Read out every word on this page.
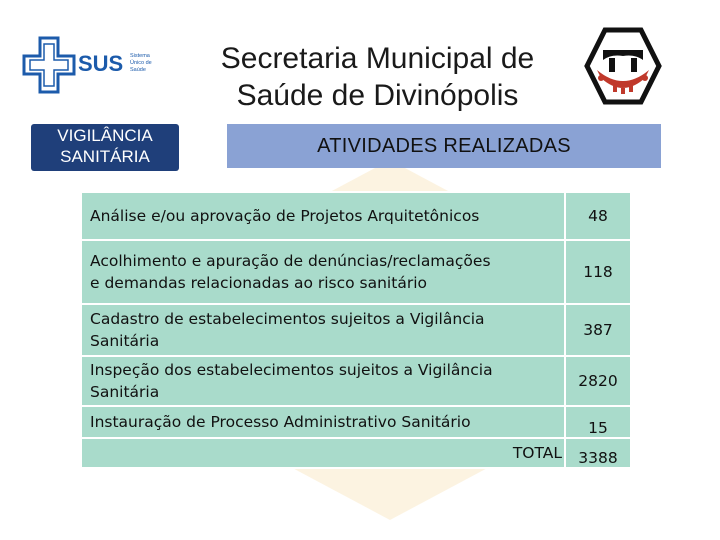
SUS Sistema
Único de
Saúde	Secretaria Municipal de
Saúde de Divinópolis
VIGILÂNCIA
SANITÁRIA	ATIVIDADES REALIZADAS
Análise e/ou aprovação de Projetos Arquitetônicos	48

Acolhimento e apuração de denúncias/reclamações
e demandas relacionadas ao risco sanitário	118

Cadastro de estabelecimentos sujeitos a Vigilância
Sanitária	387

Inspeção dos estabelecimentos sujeitos a Vigilância
Sanitária	2820
Instauração de Processo Administrativo Sanitário	15
TOTAL	3388
